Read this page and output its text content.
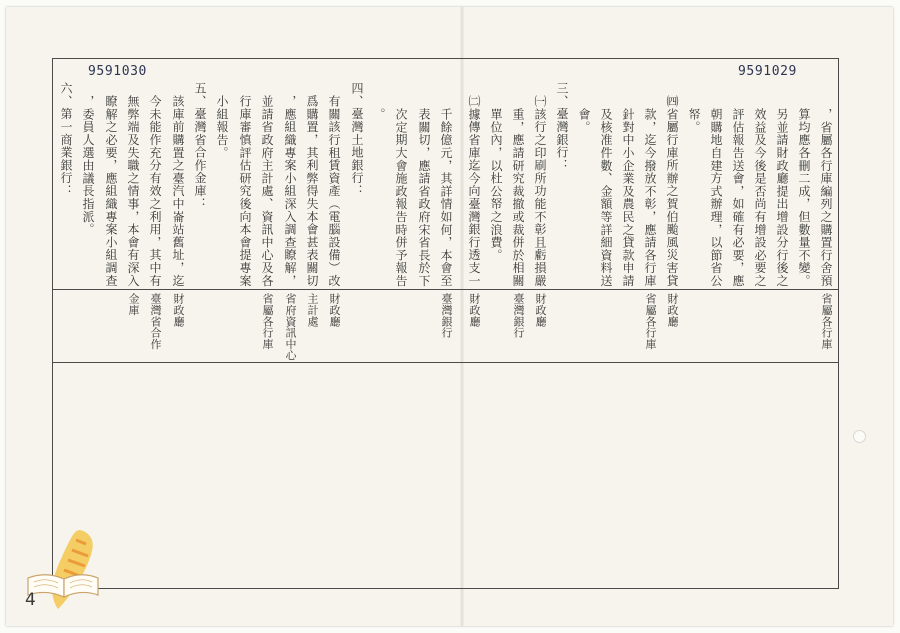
9591029
9591030
，省屬各行庫編列之購置行舍預
算均應各刪二成，但數量不變。
另並請財政廳提出增設分行後之
效益及今後是否尚有增設必要之
評估報告送會，如確有必要，應
朝購地自建方式辦理，以節省公
帑。
㈣省屬行庫所辦之賀伯颱風災害貸
款，迄今撥放不彰，應請各行庫
針對中小企業及農民之貸款申請
及核准件數、金額等詳細資料送
會。
三、臺灣銀行：
㈠該行之印刷所功能不彰且虧損嚴
重，應請研究裁撤或裁併於相關
單位內，以杜公帑之浪費。
㈡據傳省庫迄今向臺灣銀行透支一
省屬各行庫
財政廳
省屬各行庫
財政廳
臺灣銀行
財政廳
千餘億元，其詳情如何，本會至
表關切，應請省政府宋省長於下
次定期大會施政報告時併予報告
。
四、臺灣土地銀行：
有關該行租賃資產（電腦設備）改
爲購置，其利弊得失本會甚表關切
，應組織專案小組深入調查瞭解，
並請省政府主計處、資訊中心及各
行庫審慎評估研究後向本會提專案
小組報告。
五、臺灣省合作金庫：
該庫前購置之臺汽中崙站舊址，迄
今未能作充分有效之利用，其中有
無弊端及失職之情事，本會有深入
瞭解之必要，應組織專案小組調查
，委員人選由議長指派。
六、第一商業銀行：
臺灣銀行
財政廳
主計處
省府資訊中心
省屬各行庫
財政廳
臺灣省合作金庫
4
